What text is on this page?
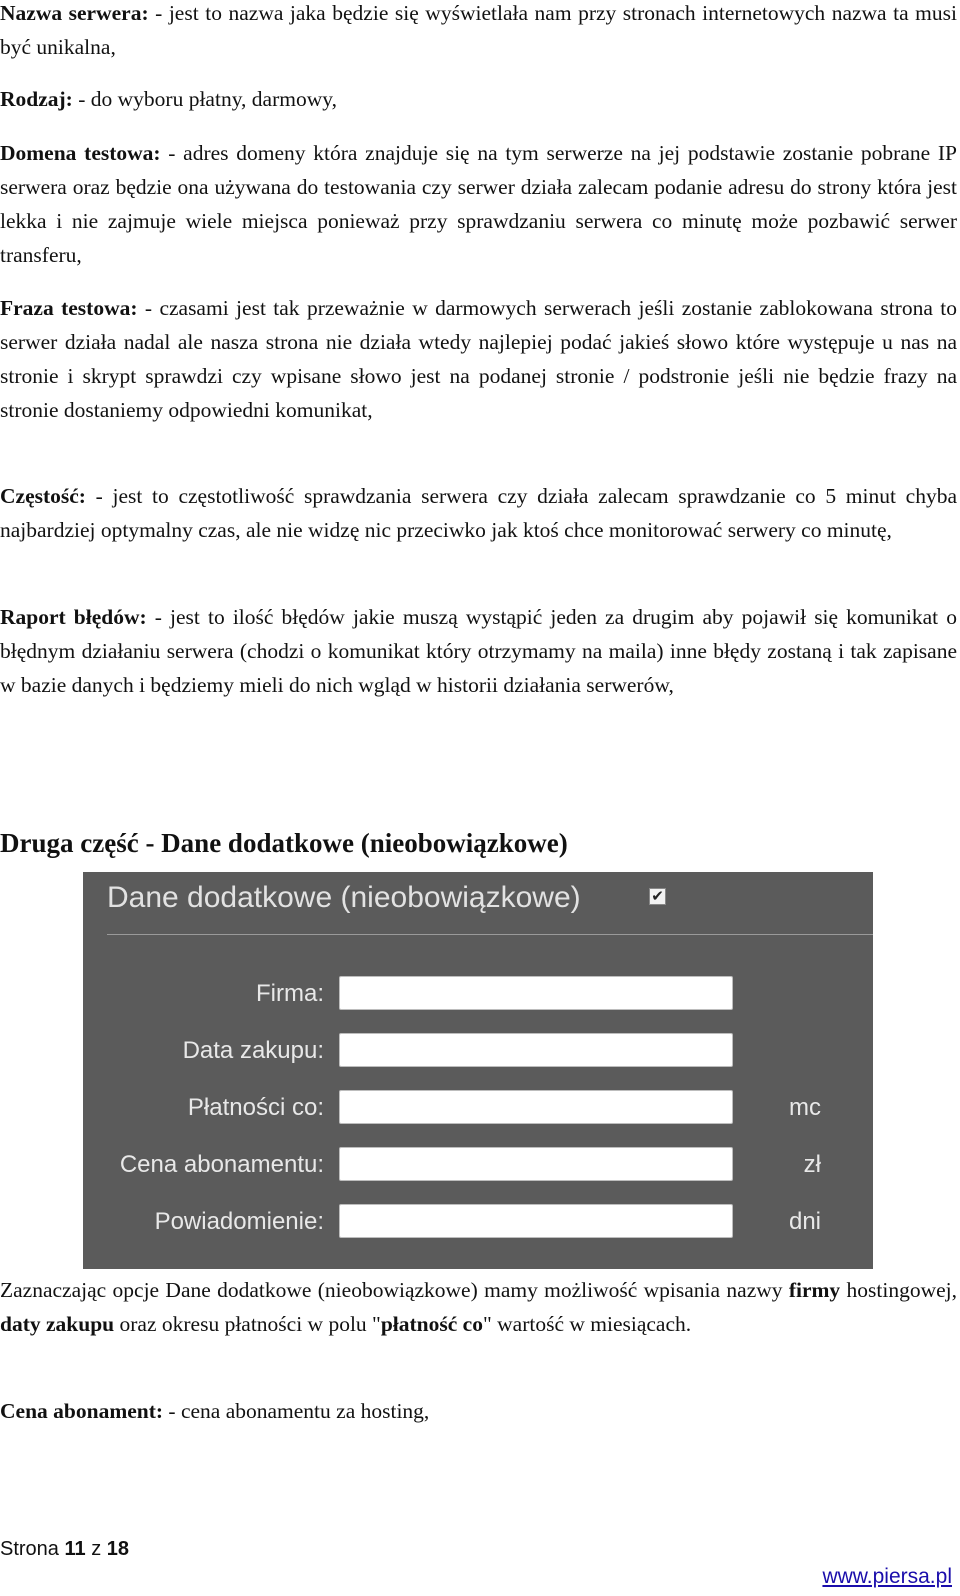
Nazwa serwera: - jest to nazwa jaka będzie się wyświetlała nam przy stronach internetowych nazwa ta musi być unikalna,

Rodzaj: - do wyboru płatny, darmowy,

Domena testowa: - adres domeny która znajduje się na tym serwerze na jej podstawie zostanie pobrane IP serwera oraz będzie ona używana do testowania czy serwer działa zalecam podanie adresu do strony która jest lekka i nie zajmuje wiele miejsca ponieważ przy sprawdzaniu serwera co minutę może pozbawić serwer transferu,

Fraza testowa: - czasami jest tak przeważnie w darmowych serwerach jeśli zostanie zablokowana strona to serwer działa nadal ale nasza strona nie działa wtedy najlepiej podać jakieś słowo które występuje u nas na stronie i skrypt sprawdzi czy wpisane słowo jest na podanej stronie / podstronie jeśli nie będzie frazy na stronie dostaniemy odpowiedni komunikat,

Częstość: - jest to częstotliwość sprawdzania serwera czy działa zalecam sprawdzanie co 5 minut chyba najbardziej optymalny czas, ale nie widzę nic przeciwko jak ktoś chce monitorować serwery co minutę,

Raport błędów: - jest to ilość błędów jakie muszą wystąpić jeden za drugim aby pojawił się komunikat o błędnym działaniu serwera (chodzi o komunikat który otrzymamy na maila) inne błędy zostaną i tak zapisane w bazie danych i będziemy mieli do nich wgląd w historii działania serwerów,

Druga część - Dane dodatkowe (nieobowiązkowe)
Dane dodatkowe (nieobowiązkowe)	✔
Firma:
Data zakupu:
Płatności co:	mc
Cena abonamentu:	zł
Powiadomienie:	dni

Zaznaczając opcje Dane dodatkowe (nieobowiązkowe) mamy możliwość wpisania nazwy firmy hostingowej, daty zakupu oraz okresu płatności w polu "płatność co" wartość w miesiącach.

Cena abonament: - cena abonamentu za hosting,

Strona 11 z 18
www.piersa.pl
